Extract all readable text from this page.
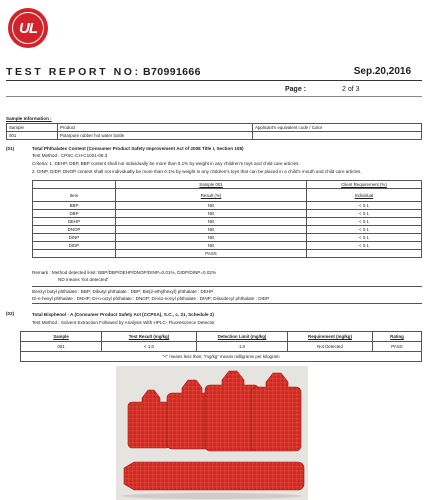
UL
TEST REPORT NO: B70991666	Sep.20,2016
Page :	2 of 3
Sample Information :
Sample	Product	Applicant's equivalent code / Color
001	Polarpure rubber hot water bottle	
(01)	Total Phthalates Content (Consumer Product Safety Improvement Act of 2008 Title I, Section 108)
Test Method : CPSC-CH-C1001-09.3
Criteria: 1. DEHP, DBP, BBP content shall not individually be more than 0.1% by weight in any children's toys and child care articles.
2. DINP, DIDP, DNOP content shall not individually be more than 0.1% by weight in any children's toys that can be placed in a child's mouth and child care articles.
	Sample 001	Client Requirement (%)
Item	Result (%)	Individual
BBP	ND	< 0.1
DBP	ND	< 0.1
DEHP	ND	< 0.1
DNOP	ND	< 0.1
DINP	ND	< 0.1
DIDP	ND	< 0.1
	PASS	
Remark : Method detected limit: BBP/DBP/DEHP/DNOP/DINP=0.01%, DIDP/DINP=0.02%
ND means 'not detected'
Benzyl butyl phthalate : BBP; Dibutyl phthalate : DBP; Bis(2-ethylhexyl) phthalate : DEHP
Di-n-hexyl phthalate : DNHP; Di-n-octyl phthalate : DNOP; Di-iso-nonyl phthalate : DINP; Diisodecyl phthalate : DIDP
(02)	Total Bisphenol - A (Consumer Product Safety Act (CCPSA), S.C., c. 21, Schedule 2)
Test Method : Solvent Extraction Followed by Analysis With HPLC- Fluorescence Detector
Sample	Test Result (mg/kg)	Detection Limit (mg/kg)	Requirement (mg/kg)	Rating
001	< 1.0	1.0	Not Detected	PASS
"<" means less than; "mg/kg" means milligrams per kilogram				
